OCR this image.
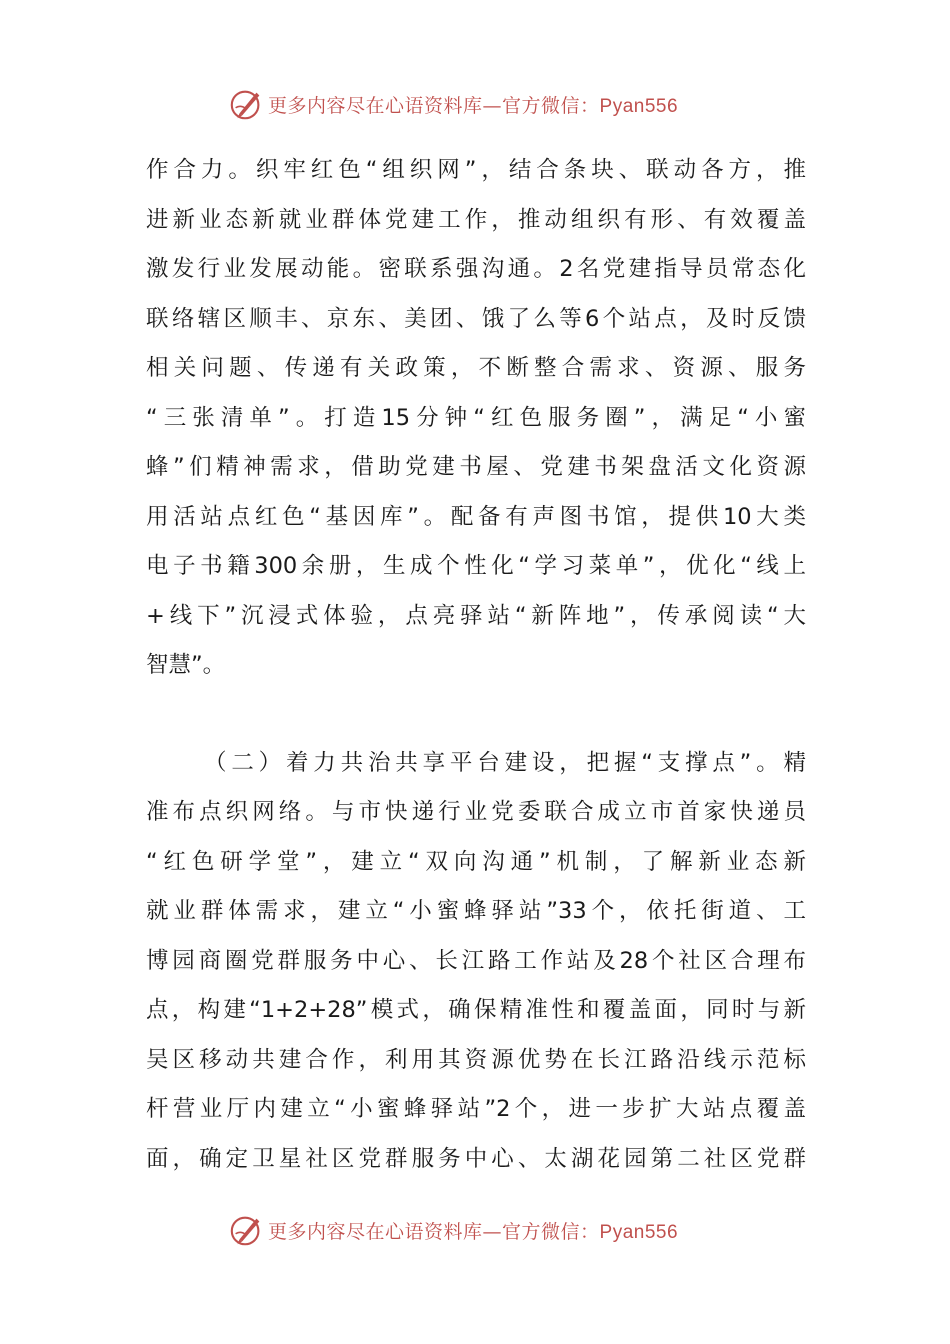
更多内容尽在心语资料库—官方微信：Pyan556
作合力。织牢红色“组织网”，结合条块、联动各方，推
进新业态新就业群体党建工作，推动组织有形、有效覆盖
激发行业发展动能。密联系强沟通。2名党建指导员常态化
联络辖区顺丰、京东、美团、饿了么等6个站点，及时反馈
相关问题、传递有关政策，不断整合需求、资源、服务
“三张清单”。打造15分钟“红色服务圈”，满足“小蜜
蜂”们精神需求，借助党建书屋、党建书架盘活文化资源
用活站点红色“基因库”。配备有声图书馆，提供10大类
电子书籍300余册，生成个性化“学习菜单”，优化“线上
+线下”沉浸式体验，点亮驿站“新阵地”，传承阅读“大
智慧”。
（二）着力共治共享平台建设，把握“支撑点”。精
准布点织网络。与市快递行业党委联合成立市首家快递员
“红色研学堂”，建立“双向沟通”机制，了解新业态新
就业群体需求，建立“小蜜蜂驿站”33个，依托街道、工
博园商圈党群服务中心、长江路工作站及28个社区合理布
点，构建“1+2+28”模式，确保精准性和覆盖面，同时与新
吴区移动共建合作，利用其资源优势在长江路沿线示范标
杆营业厅内建立“小蜜蜂驿站”2个，进一步扩大站点覆盖
面，确定卫星社区党群服务中心、太湖花园第二社区党群
更多内容尽在心语资料库—官方微信：Pyan556
